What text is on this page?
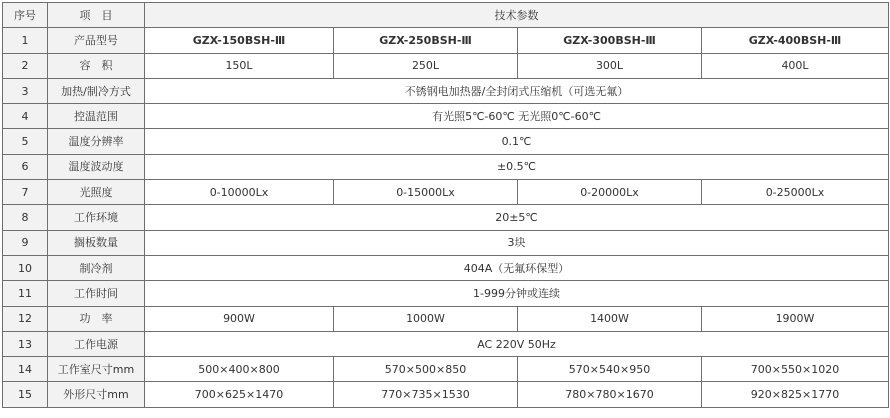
序号	项　目	技术参数			
1	产品型号	GZX-150BSH-Ⅲ	GZX-250BSH-Ⅲ	GZX-300BSH-Ⅲ	GZX-400BSH-Ⅲ
2	容　积	150L	250L	300L	400L
3	加热/制冷方式	不锈钢电加热器/全封闭式压缩机（可选无氟）			
4	控温范围	有光照5℃-60℃ 无光照0℃-60℃			
5	温度分辨率	0.1℃			
6	温度波动度	±0.5℃			
7	光照度	0-10000Lx	0-15000Lx	0-20000Lx	0-25000Lx
8	工作环境	20±5℃			
9	搁板数量	3块			
10	制冷剂	404A（无氟环保型）			
11	工作时间	1-999分钟或连续			
12	功　率	900W	1000W	1400W	1900W
13	工作电源	AC 220V 50Hz			
14	工作室尺寸mm	500×400×800	570×500×850	570×540×950	700×550×1020
15	外形尺寸mm	700×625×1470	770×735×1530	780×780×1670	920×825×1770
